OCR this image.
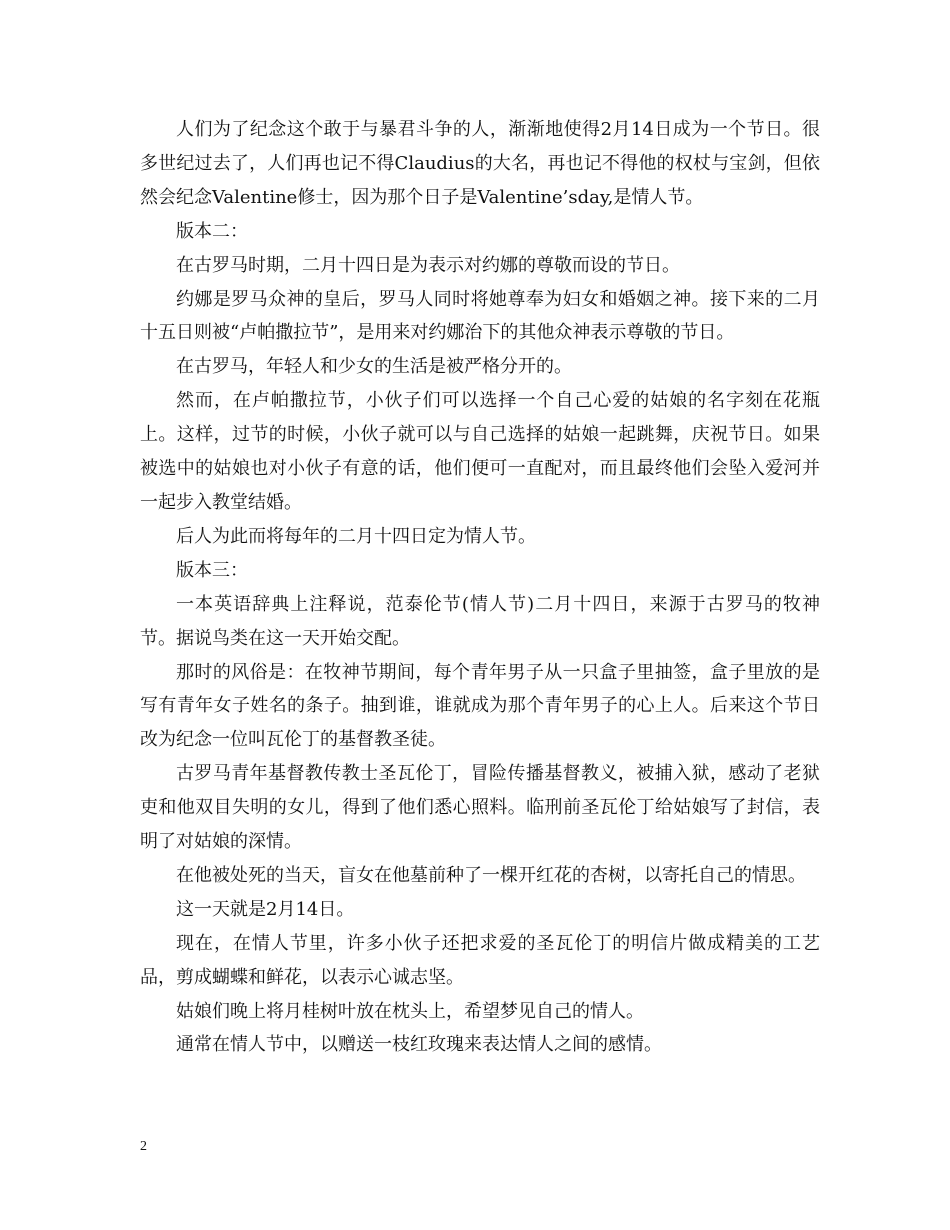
人们为了纪念这个敢于与暴君斗争的人，渐渐地使得2月14日成为一个节日。很多世纪过去了，人们再也记不得Claudius的大名，再也记不得他的权杖与宝剑，但依然会纪念Valentine修士，因为那个日子是Valentine’sday,是情人节。

版本二：

在古罗马时期，二月十四日是为表示对约娜的尊敬而设的节日。

约娜是罗马众神的皇后，罗马人同时将她尊奉为妇女和婚姻之神。接下来的二月十五日则被“卢帕撒拉节”，是用来对约娜治下的其他众神表示尊敬的节日。

在古罗马，年轻人和少女的生活是被严格分开的。

然而，在卢帕撒拉节，小伙子们可以选择一个自己心爱的姑娘的名字刻在花瓶上。这样，过节的时候，小伙子就可以与自己选择的姑娘一起跳舞，庆祝节日。如果被选中的姑娘也对小伙子有意的话，他们便可一直配对，而且最终他们会坠入爱河并一起步入教堂结婚。

后人为此而将每年的二月十四日定为情人节。

版本三：

一本英语辞典上注释说，范泰伦节(情人节)二月十四日，来源于古罗马的牧神节。据说鸟类在这一天开始交配。

那时的风俗是：在牧神节期间，每个青年男子从一只盒子里抽签，盒子里放的是写有青年女子姓名的条子。抽到谁，谁就成为那个青年男子的心上人。后来这个节日改为纪念一位叫瓦伦丁的基督教圣徒。

古罗马青年基督教传教士圣瓦伦丁，冒险传播基督教义，被捕入狱，感动了老狱吏和他双目失明的女儿，得到了他们悉心照料。临刑前圣瓦伦丁给姑娘写了封信，表明了对姑娘的深情。

在他被处死的当天，盲女在他墓前种了一棵开红花的杏树，以寄托自己的情思。

这一天就是2月14日。

现在，在情人节里，许多小伙子还把求爱的圣瓦伦丁的明信片做成精美的工艺品，剪成蝴蝶和鲜花，以表示心诚志坚。

姑娘们晚上将月桂树叶放在枕头上，希望梦见自己的情人。

通常在情人节中，以赠送一枝红玫瑰来表达情人之间的感情。

2
